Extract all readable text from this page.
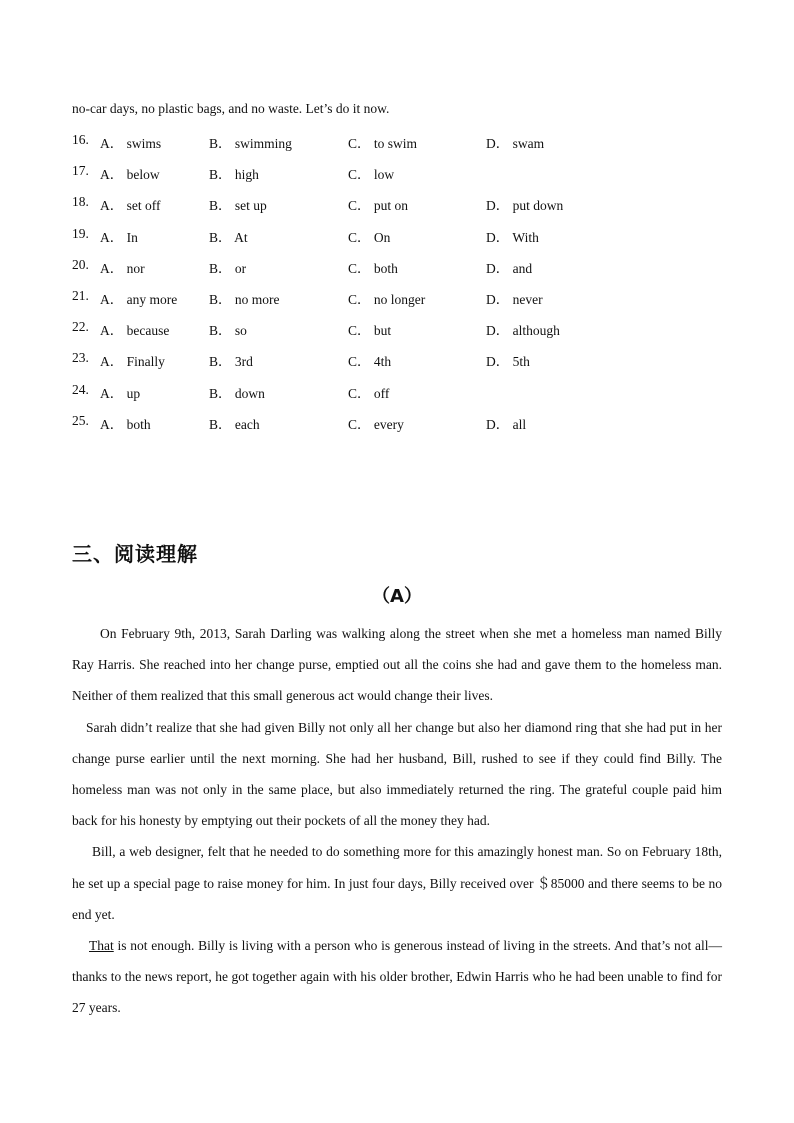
no-car days, no plastic bags, and no waste. Let’s do it now.
16. A． swims	B． swimming	C． to swim	D． swam
17. A． below	B． high	C． low
18. A． set off	B． set up	C． put on	D． put down
19. A． In	B． At	C． On	D． With
20. A． nor	B． or	C． both	D． and
21. A． any more B． no more	C． no longer	D． never
22. A． because	B． so	C． but	D． although
23. A． Finally	B． 3rd	C． 4th	D． 5th
24. A． up	B． down	C． off
25. A． both	B． each	C． every	D． all
三、阅读理解
（A）

On February 9th, 2013, Sarah Darling was walking along the street when she met a homeless man named Billy Ray Harris. She reached into her change purse, emptied out all the coins she had and gave them to the homeless man. Neither of them realized that this small generous act would change their lives.

Sarah didn’t realize that she had given Billy not only all her change but also her diamond ring that she had put in her change purse earlier until the next morning. She had her husband, Bill, rushed to see if they could find Billy. The homeless man was not only in the same place, but also immediately returned the ring. The grateful couple paid him back for his honesty by emptying out their pockets of all the money they had.

Bill, a web designer, felt that he needed to do something more for this amazingly honest man. So on February 18th, he set up a special page to raise money for him. In just four days, Billy received over ＄85000 and there seems to be no end yet.

That is not enough. Billy is living with a person who is generous instead of living in the streets. And that’s not all—thanks to the news report, he got together again with his older brother, Edwin Harris who he had been unable to find for 27 years.
